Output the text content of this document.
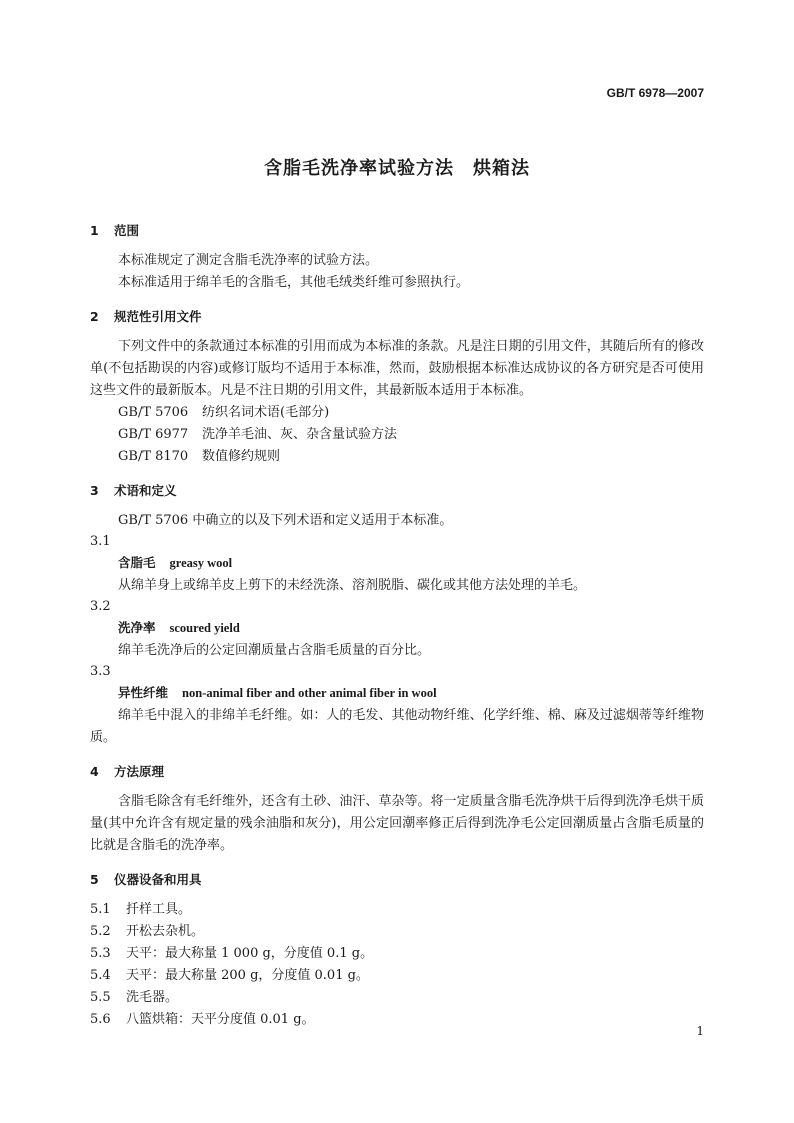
GB/T 6978—2007
含脂毛洗净率试验方法　烘箱法
1 范围

本标准规定了测定含脂毛洗净率的试验方法。

本标准适用于绵羊毛的含脂毛，其他毛绒类纤维可参照执行。

2 规范性引用文件

下列文件中的条款通过本标准的引用而成为本标准的条款。凡是注日期的引用文件，其随后所有的修改单(不包括勘误的内容)或修订版均不适用于本标准，然而，鼓励根据本标准达成协议的各方研究是否可使用这些文件的最新版本。凡是不注日期的引用文件，其最新版本适用于本标准。

GB/T 5706 纺织名词术语(毛部分)

GB/T 6977 洗净羊毛油、灰、杂含量试验方法

GB/T 8170 数值修约规则

3 术语和定义

GB/T 5706 中确立的以及下列术语和定义适用于本标准。

3.1

含脂毛 greasy wool

从绵羊身上或绵羊皮上剪下的未经洗涤、溶剂脱脂、碳化或其他方法处理的羊毛。

3.2

洗净率 scoured yield

绵羊毛洗净后的公定回潮质量占含脂毛质量的百分比。

3.3

异性纤维 non-animal fiber and other animal fiber in wool

绵羊毛中混入的非绵羊毛纤维。如：人的毛发、其他动物纤维、化学纤维、棉、麻及过滤烟蒂等纤维物质。

4 方法原理

含脂毛除含有毛纤维外，还含有土砂、油汗、草杂等。将一定质量含脂毛洗净烘干后得到洗净毛烘干质量(其中允许含有规定量的残余油脂和灰分)，用公定回潮率修正后得到洗净毛公定回潮质量占含脂毛质量的比就是含脂毛的洗净率。

5 仪器设备和用具

5.1 扦样工具。

5.2 开松去杂机。

5.3 天平：最大称量 1 000 g，分度值 0.1 g。

5.4 天平：最大称量 200 g，分度值 0.01 g。

5.5 洗毛器。

5.6 八篮烘箱：天平分度值 0.01 g。

1
